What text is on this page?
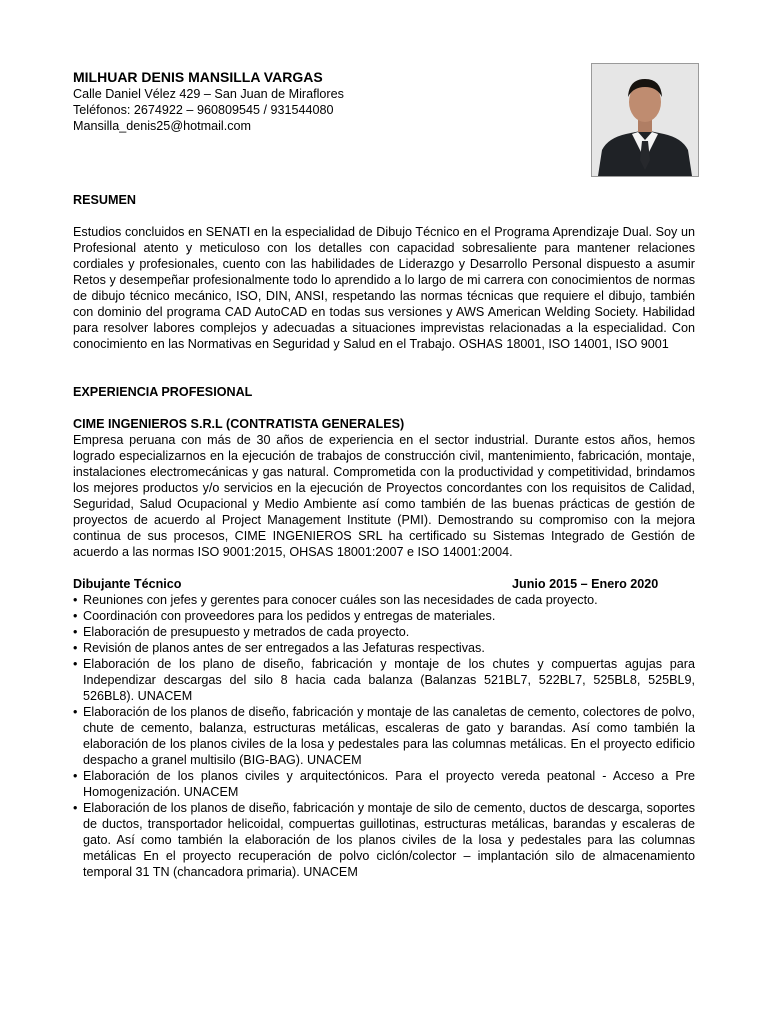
MILHUAR DENIS MANSILLA VARGAS

Calle Daniel Vélez 429 – San Juan de Miraflores

Teléfonos: 2674922 – 960809545 / 931544080

Mansilla_denis25@hotmail.com

RESUMEN

Estudios concluidos en SENATI en la especialidad de Dibujo Técnico en el Programa Aprendizaje Dual. Soy un Profesional atento y meticuloso con los detalles con capacidad sobresaliente para mantener relaciones cordiales y profesionales, cuento con las habilidades de Liderazgo y Desarrollo Personal dispuesto a asumir Retos y desempeñar profesionalmente todo lo aprendido a lo largo de mi carrera con conocimientos de normas de dibujo técnico mecánico, ISO, DIN, ANSI, respetando las normas técnicas que requiere el dibujo, también con dominio del programa CAD AutoCAD en todas sus versiones y AWS American Welding Society. Habilidad para resolver labores complejos y adecuadas a situaciones imprevistas relacionadas a la especialidad. Con conocimiento en las Normativas en Seguridad y Salud en el Trabajo. OSHAS 18001, ISO 14001, ISO 9001

EXPERIENCIA PROFESIONAL

CIME INGENIEROS S.R.L (CONTRATISTA GENERALES)

Empresa peruana con más de 30 años de experiencia en el sector industrial. Durante estos años, hemos logrado especializarnos en la ejecución de trabajos de construcción civil, mantenimiento, fabricación, montaje, instalaciones electromecánicas y gas natural. Comprometida con la productividad y competitividad, brindamos los mejores productos y/o servicios en la ejecución de Proyectos concordantes con los requisitos de Calidad, Seguridad, Salud Ocupacional y Medio Ambiente así como también de las buenas prácticas de gestión de proyectos de acuerdo al Project Management Institute (PMI). Demostrando su compromiso con la mejora continua de sus procesos, CIME INGENIEROS SRL ha certificado su Sistemas Integrado de Gestión de acuerdo a las normas ISO 9001:2015, OHSAS 18001:2007 e ISO 14001:2004.

Dibujante Técnico	Junio 2015 – Enero 2020
• Reuniones con jefes y gerentes para conocer cuáles son las necesidades de cada proyecto.
• Coordinación con proveedores para los pedidos y entregas de materiales.
• Elaboración de presupuesto y metrados de cada proyecto.
• Revisión de planos antes de ser entregados a las Jefaturas respectivas.
• Elaboración de los plano de diseño, fabricación y montaje de los chutes y compuertas agujas para Independizar descargas del silo 8 hacia cada balanza (Balanzas 521BL7, 522BL7, 525BL8, 525BL9, 526BL8). UNACEM
• Elaboración de los planos de diseño, fabricación y montaje de las canaletas de cemento, colectores de polvo, chute de cemento, balanza, estructuras metálicas, escaleras de gato y barandas. Así como también la elaboración de los planos civiles de la losa y pedestales para las columnas metálicas. En el proyecto edificio despacho a granel multisilo (BIG-BAG). UNACEM
• Elaboración de los planos civiles y arquitectónicos. Para el proyecto vereda peatonal - Acceso a Pre Homogenización. UNACEM
• Elaboración de los planos de diseño, fabricación y montaje de silo de cemento, ductos de descarga, soportes de ductos, transportador helicoidal, compuertas guillotinas, estructuras metálicas, barandas y escaleras de gato. Así como también la elaboración de los planos civiles de la losa y pedestales para las columnas metálicas En el proyecto recuperación de polvo ciclón/colector – implantación silo de almacenamiento temporal 31 TN (chancadora primaria). UNACEM
